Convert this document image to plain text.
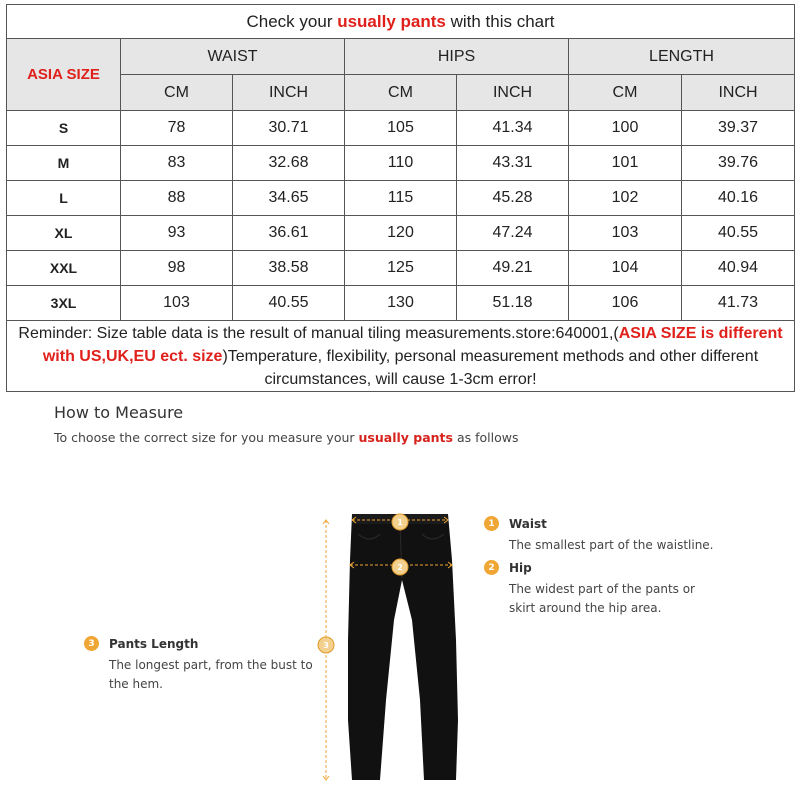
Check your usually pants with this chart						
ASIA SIZE	WAIST		HIPS		LENGTH	
	CM	INCH	CM	INCH	CM	INCH
S	78	30.71	105	41.34	100	39.37
M	83	32.68	110	43.31	101	39.76
L	88	34.65	115	45.28	102	40.16
XL	93	36.61	120	47.24	103	40.55
XXL	98	38.58	125	49.21	104	40.94
3XL	103	40.55	130	51.18	106	41.73
Reminder: Size table data is the result of manual tiling measurements.store:640001,(ASIA SIZE is different with US,UK,EU ect. size)Temperature, flexibility, personal measurement methods and other different circumstances, will cause 1-3cm error!						
How to Measure
To choose the correct size for you measure your usually pants as follows
1	Waist
The smallest part of the waistline.
2	Hip
The widest part of the pants or skirt around the hip area.
3	Pants Length
The longest part, from the bust to the hem.
1
2
3
